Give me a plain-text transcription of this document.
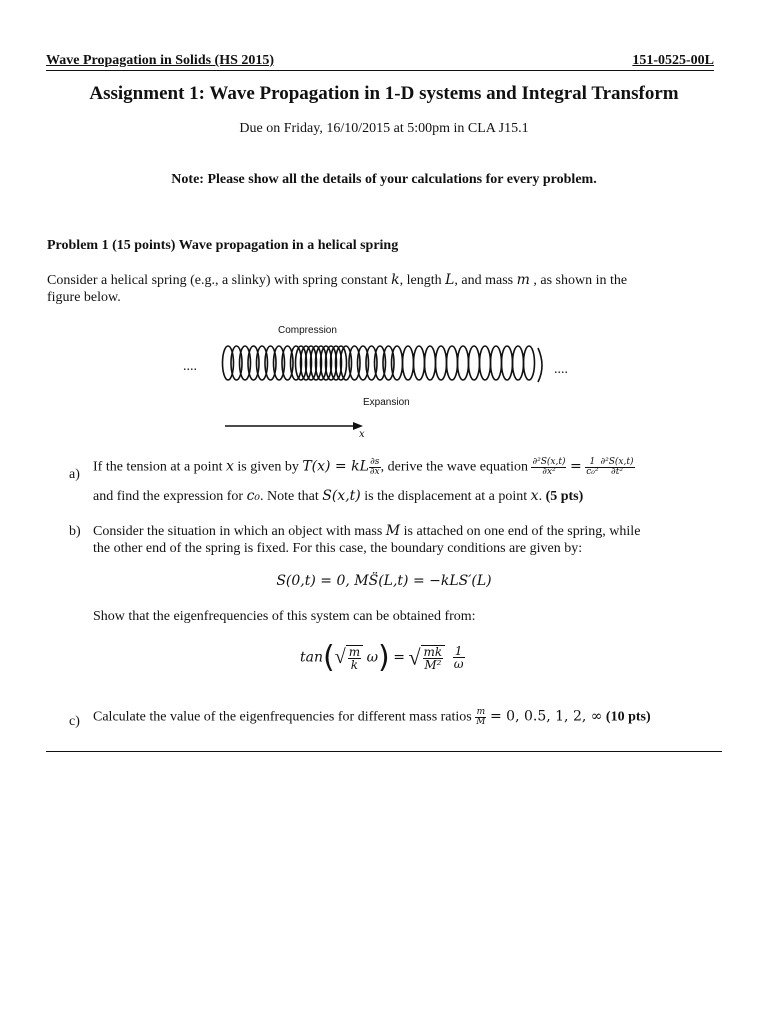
Wave Propagation in Solids (HS 2015)	151-0525-00L
Assignment 1: Wave Propagation in 1-D systems and Integral Transform
Due on Friday, 16/10/2015 at 5:00pm in CLA J15.1
Note: Please show all the details of your calculations for every problem.
Problem 1 (15 points) Wave propagation in a helical spring
Consider a helical spring (e.g., a slinky) with spring constant k, length L, and mass m , as shown in the
figure below.
Compression
....	....
Expansion
x
a) If the tension at a point x is given by T(x) = kL $\frac{\partial s}{\partial x}$ , derive the wave equation $\frac{\text{∂²S(x,t)}}{\text{∂x²}} = \frac{1}{\text{c₀²}} \frac{\text{∂²S(x,t)}}{\text{∂t²}}$
and find the expression for c₀. Note that S(x,t) is the displacement at a point x. (5 pts)
b) Consider the situation in which an object with mass M is attached on one end of the spring, while
the other end of the spring is fixed. For this case, the boundary conditions are given by:
S(0,t) = 0, MS̈(L,t) = −kLS′(L)
Show that the eigenfrequencies of this system can be obtained from:
$\tan(√ \frac{m}{k} \omega)$ = √ $\frac{mk}{\text{M²}}$
$\frac{1}{\omega}$
c) Calculate the value of the eigenfrequencies for different mass ratios $\frac{m}{M} = 0$, 0.5, 1, 2, ∞ (10 pts)
